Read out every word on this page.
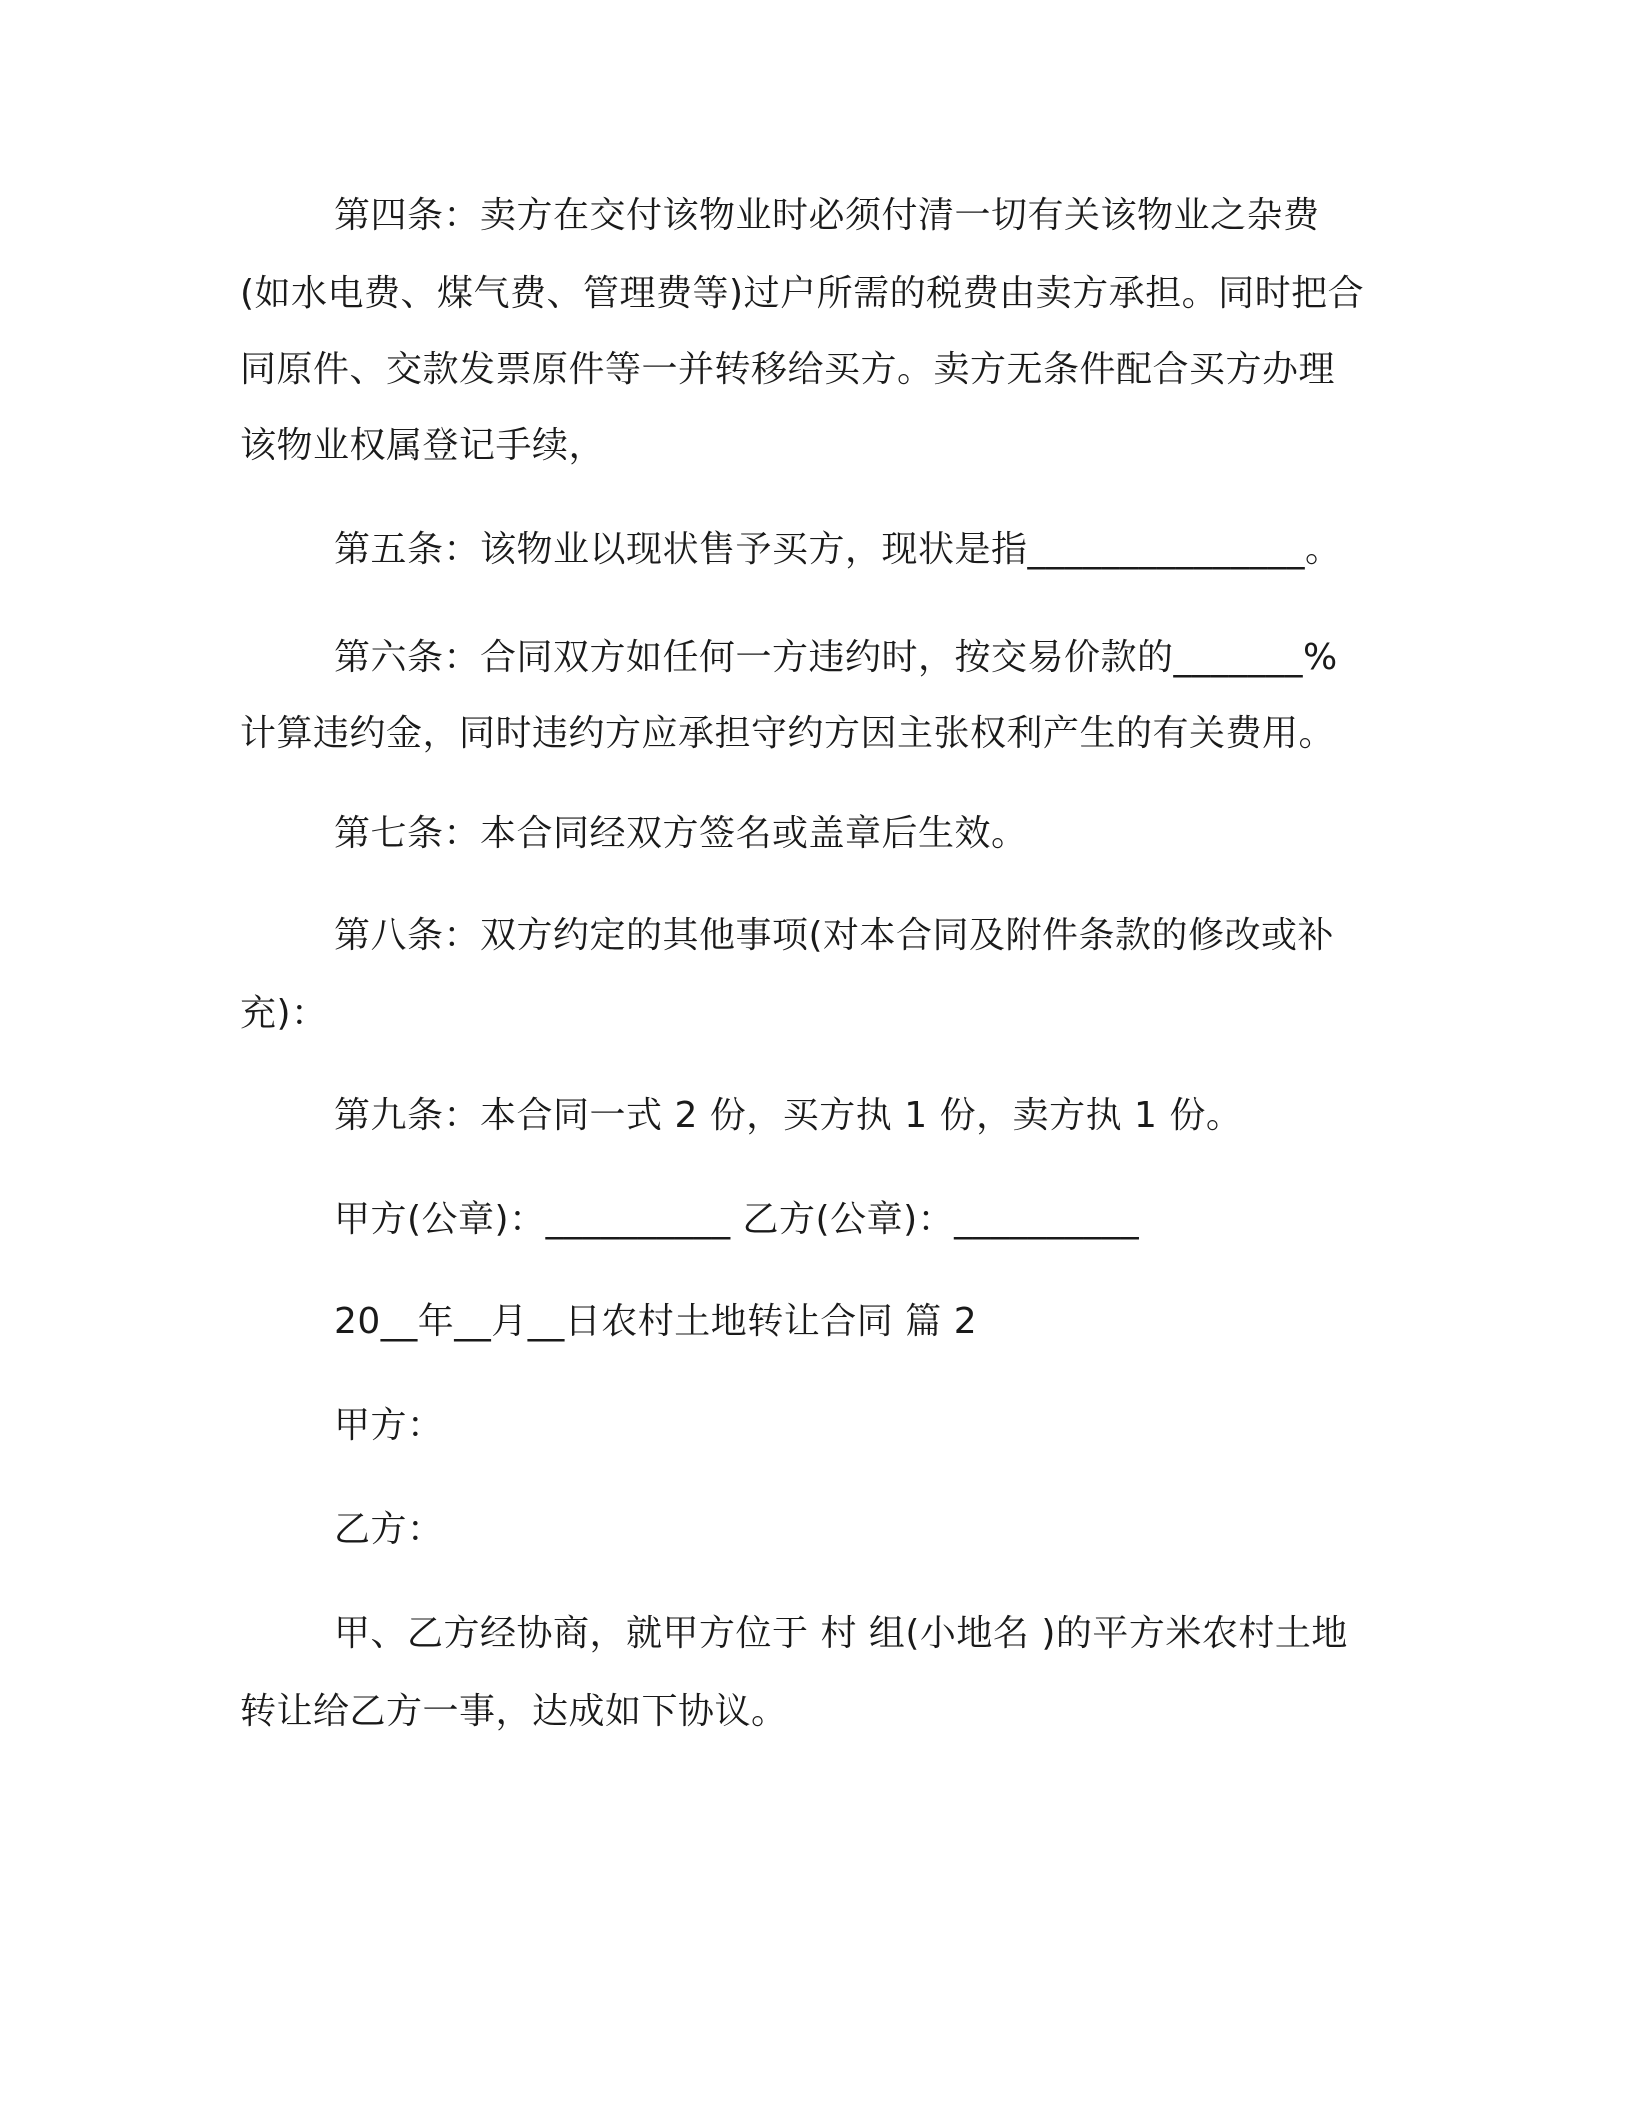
第四条：卖方在交付该物业时必须付清一切有关该物业之杂费
(如水电费、煤气费、管理费等)过户所需的税费由卖方承担。同时把合
同原件、交款发票原件等一并转移给买方。卖方无条件配合买方办理
该物业权属登记手续，
第五条：该物业以现状售予买方，现状是指_______________。
第六条：合同双方如任何一方违约时，按交易价款的_______%
计算违约金，同时违约方应承担守约方因主张权利产生的有关费用。
第七条：本合同经双方签名或盖章后生效。
第八条：双方约定的其他事项(对本合同及附件条款的修改或补
充)：
第九条：本合同一式 2 份，买方执 1 份，卖方执 1 份。
甲方(公章)：__________ 乙方(公章)：__________
20__年__月__日农村土地转让合同 篇 2
甲方：
乙方：
甲、乙方经协商，就甲方位于 村 组(小地名 )的平方米农村土地
转让给乙方一事，达成如下协议。
